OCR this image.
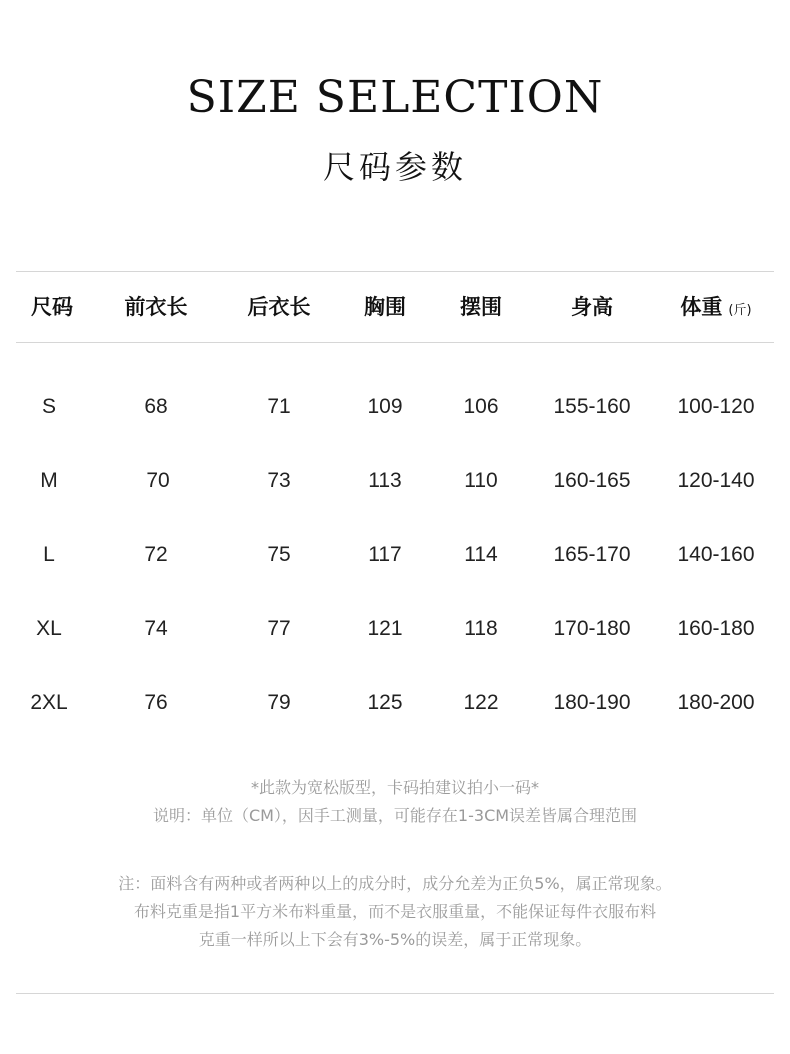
SIZE SELECTION
尺码参数
尺码 前衣长	后衣长	胸围	摆围	身高	体重 (斤)
S	68	71	109	106	155-160 100-120
M	70	73	113	110	160-165 120-140
L	72	75	117	114	165-170 140-160
XL	74	77	121	118	170-180 160-180
2XL	76	79	125	122	180-190 180-200
*此款为宽松版型，卡码拍建议拍小一码*
说明：单位（CM），因手工测量，可能存在1-3CM误差皆属合理范围
注：面料含有两种或者两种以上的成分时，成分允差为正负5%，属正常现象。
布料克重是指1平方米布料重量，而不是衣服重量，不能保证每件衣服布料
克重一样所以上下会有3%-5%的误差，属于正常现象。
